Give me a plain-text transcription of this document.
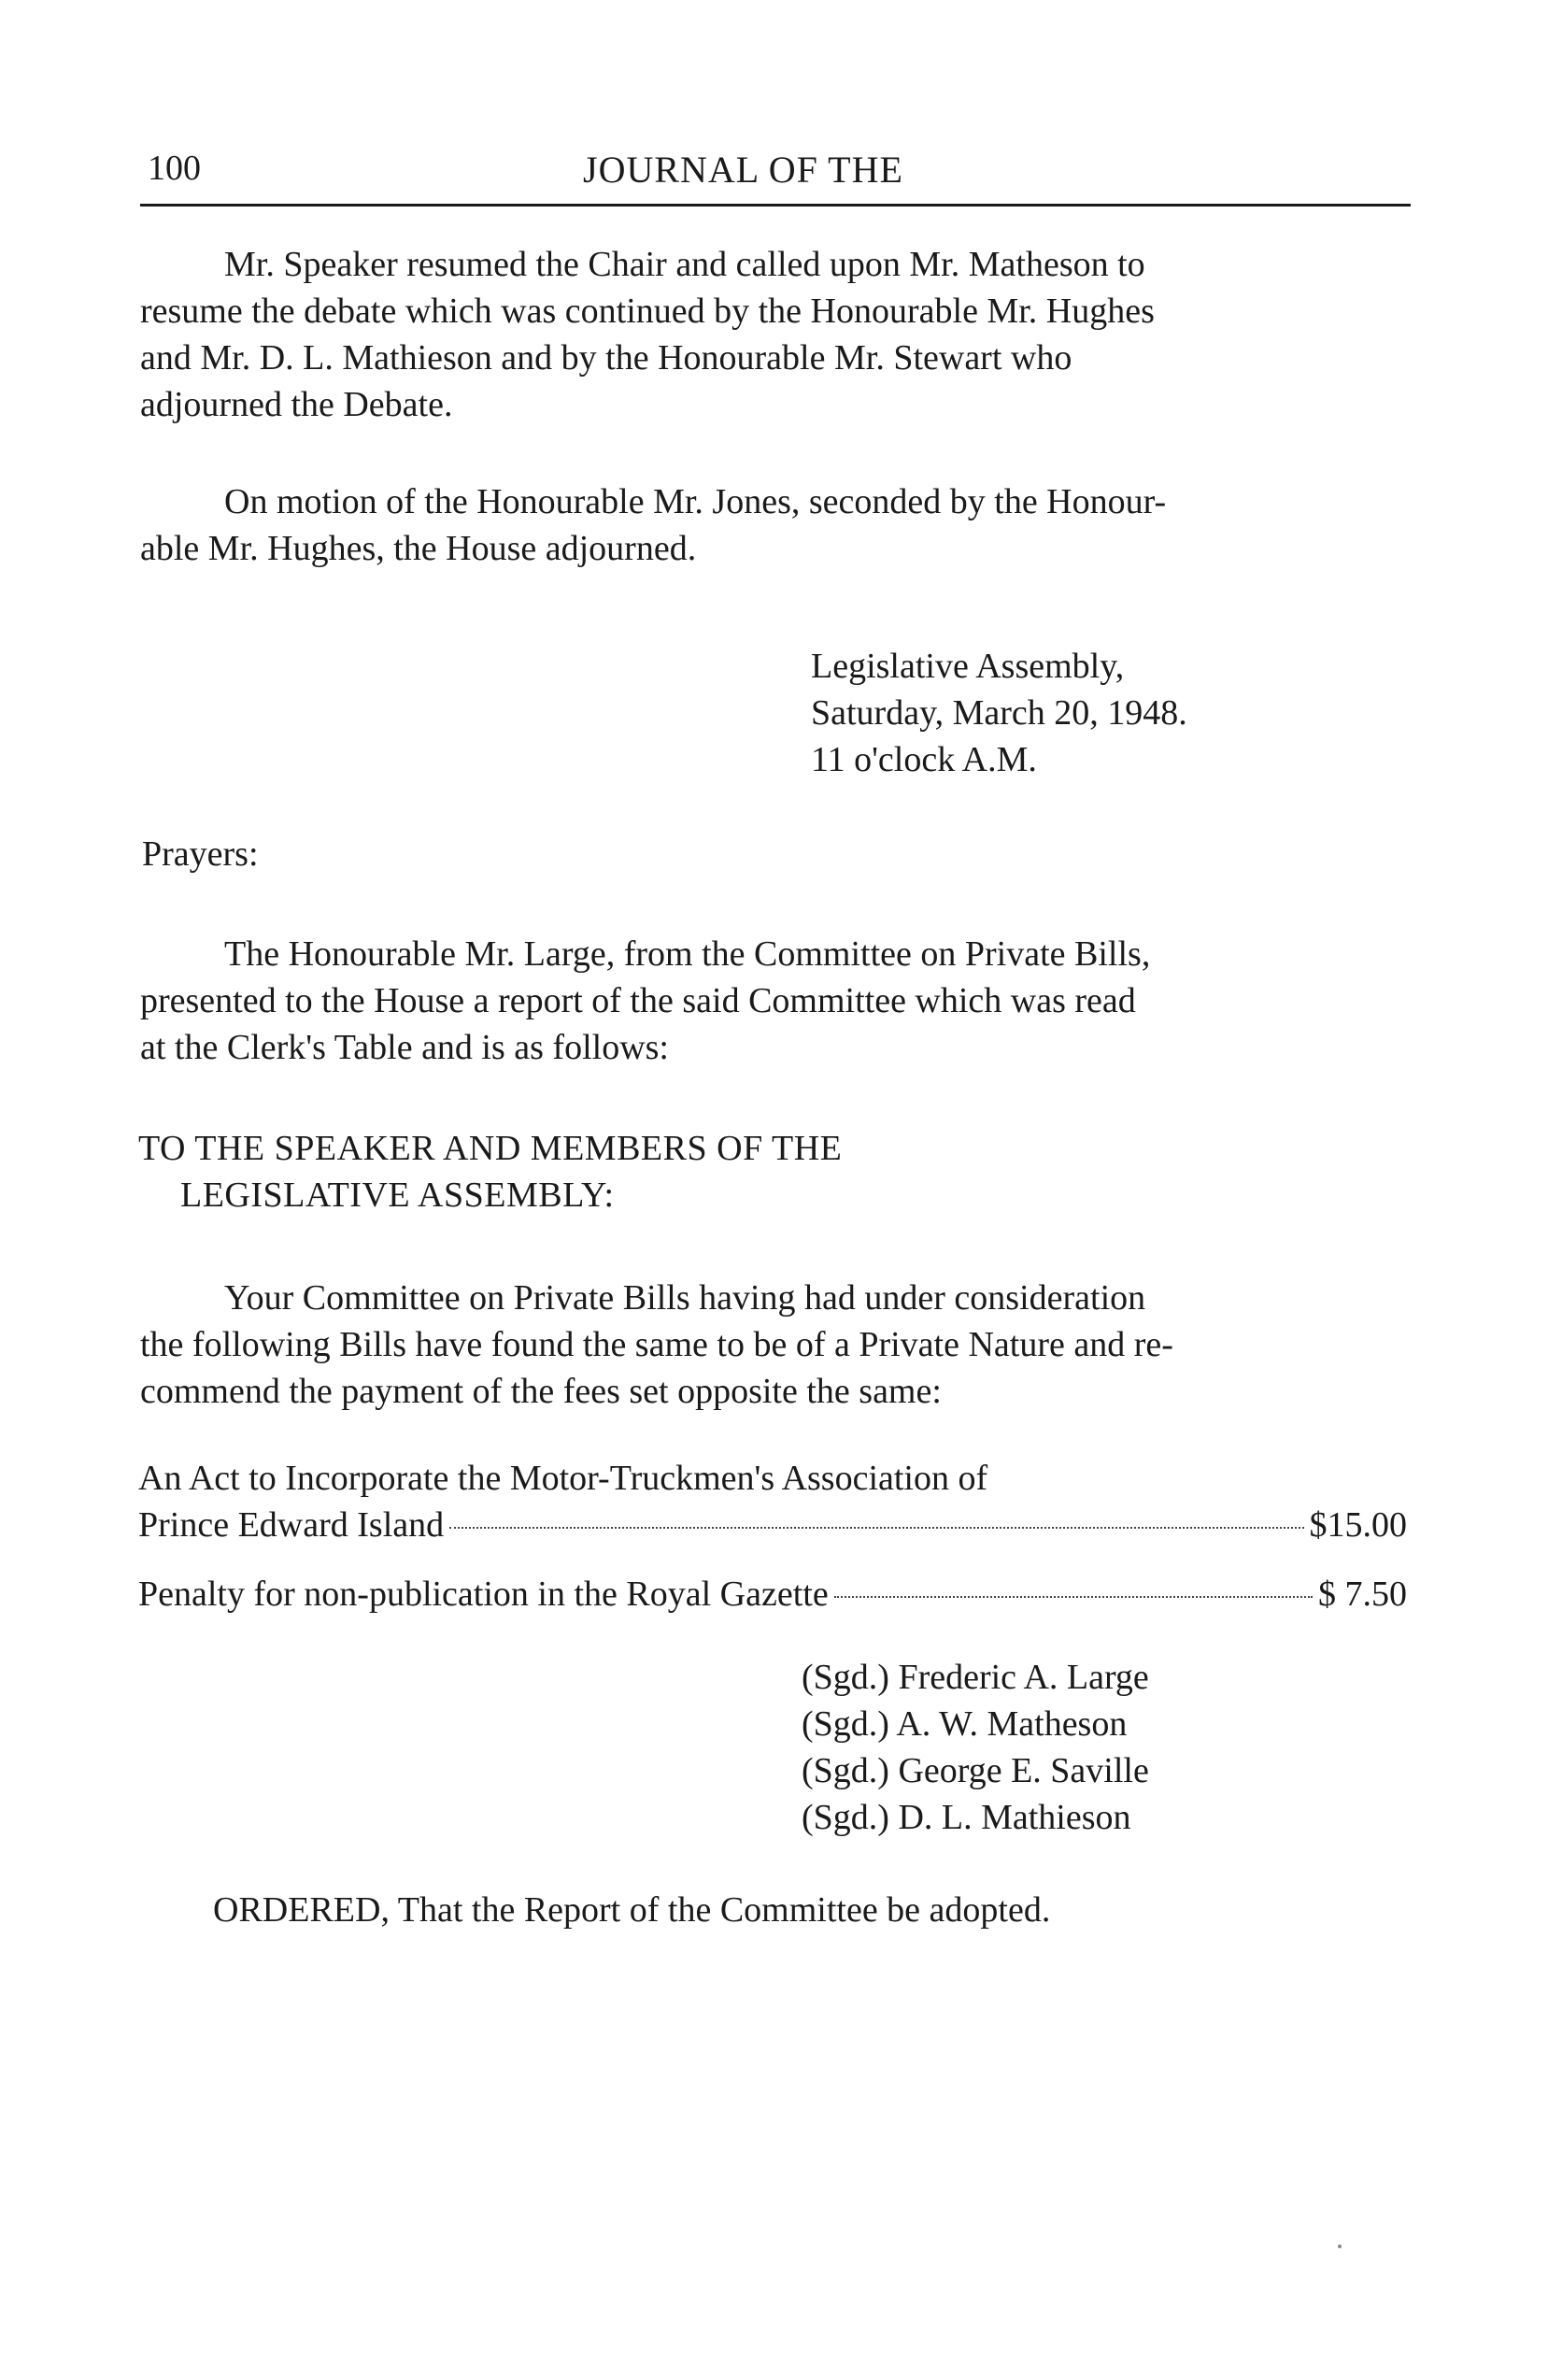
100	JOURNAL OF THE

Mr. Speaker resumed the Chair and called upon Mr. Matheson to
resume the debate which was continued by the Honourable Mr. Hughes
and Mr. D. L. Mathieson and by the Honourable Mr. Stewart who
adjourned the Debate.

On motion of the Honourable Mr. Jones, seconded by the Honour-
able Mr. Hughes, the House adjourned.

Legislative Assembly,
Saturday, March 20, 1948.
11 o'clock A.M.
Prayers:

The Honourable Mr. Large, from the Committee on Private Bills,
presented to the House a report of the said Committee which was read
at the Clerk's Table and is as follows:

TO THE SPEAKER AND MEMBERS OF THE
LEGISLATIVE ASSEMBLY:

Your Committee on Private Bills having had under consideration
the following Bills have found the same to be of a Private Nature and re-
commend the payment of the fees set opposite the same:

An Act to Incorporate the Motor-Truckmen's Association of
Prince Edward Island	$15.00
Penalty for non-publication in the Royal Gazette	$ 7.50
(Sgd.) Frederic A. Large
(Sgd.) A. W. Matheson
(Sgd.) George E. Saville
(Sgd.) D. L. Mathieson
ORDERED, That the Report of the Committee be adopted.
